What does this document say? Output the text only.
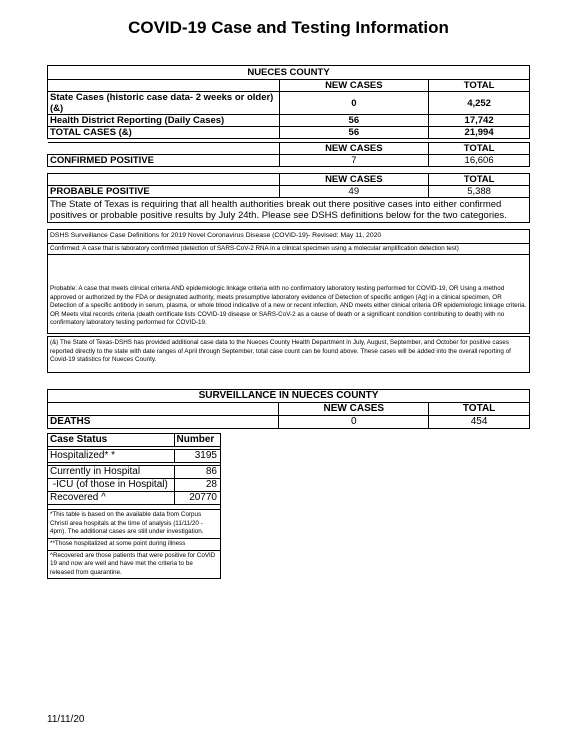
COVID-19 Case and Testing Information
NUECES COUNTY		
	NEW CASES	TOTAL
State Cases (historic case data- 2 weeks or older)(&)	0	4,252
Health District Reporting (Daily Cases)	56	17,742
TOTAL CASES (&)	56	21,994

	NEW CASES	TOTAL
CONFIRMED POSITIVE	7	16,606

	NEW CASES	TOTAL
PROBABLE POSITIVE	49	5,388
The State of Texas is requiring that all health authorities break out there positive cases into either confirmed positives or probable positive results by July 24th. Please see DSHS definitions below for the two categories.		
DSHS Surveillance Case Definitions for 2019 Novel Coronavirus Disease (COVID-19)- Revised: May 11, 2020
Confirmed: A case that is laboratory confirmed (detection of SARS-CoV-2 RNA in a clinical specimen using a molecular amplification detection test)
Probable: A case that meets clinical criteria AND epidemiologic linkage criteria with no confirmatory laboratory testing performed for COVID-19, OR Using a method approved or authorized by the FDA or designated authority, meets presumptive laboratory evidence of Detection of specific antigen (Ag) in a clinical specimen, OR Detection of a specific antibody in serum, plasma, or whole blood indicative of a new or recent infection, AND meets either clinical criteria OR epidemiologic linkage criteria. OR Meets vital records criteria (death certificate lists COVID-19 disease or SARS-CoV-2 as a cause of death or a significant condition contributing to death) with no confirmatory laboratory testing performed for COVID-19.
(&) The State of Texas-DSHS has provided additional case data to the Nueces County Health Department in July, August, September, and October for positive cases reported directly to the state with date ranges of April through September, total case count can be found above. These cases will be added into the overall reporting of Covid-19 statistics for Nueces County.
SURVEILLANCE IN NUECES COUNTY		
	NEW CASES	TOTAL
DEATHS	0	454
Case Status	Number

Hospitalized* *	3195

Currently in Hospital	86
-ICU (of those in Hospital)	28
Recovered ^	20770

*This table is based on the available data from Corpus Christi area hospitals at the time of analysis (11/11/20 - 4pm). The additional cases are still under investigation.	
**Those hospitalized at some point during illness	
^Recovered are those patients that were positive for CoVID 19 and now are well and have met the criteria to be released from quarantine.	
11/11/20
